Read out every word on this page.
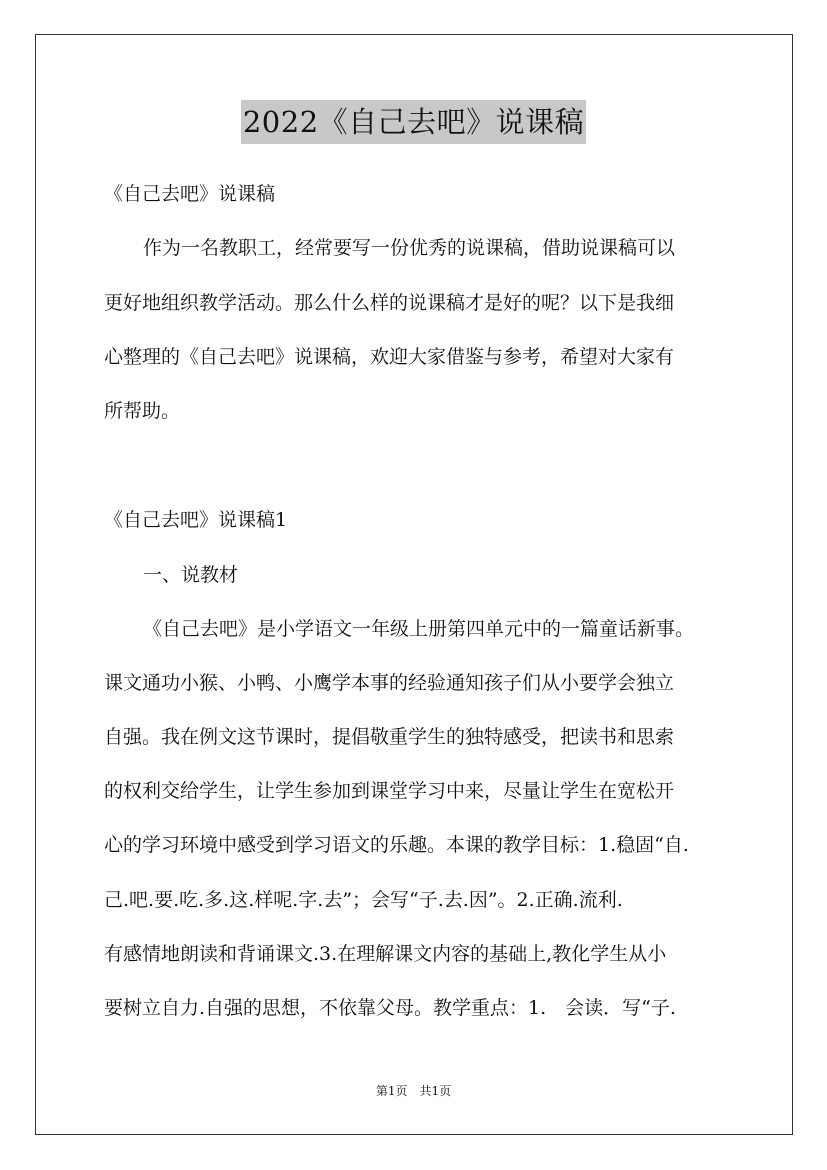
2022《自己去吧》说课稿
《自己去吧》说课稿
作为一名教职工，经常要写一份优秀的说课稿，借助说课稿可以
更好地组织教学活动。那么什么样的说课稿才是好的呢？以下是我细
心整理的《自己去吧》说课稿，欢迎大家借鉴与参考，希望对大家有
所帮助。
《自己去吧》说课稿1
一、说教材
《自己去吧》是小学语文一年级上册第四单元中的一篇童话新事。
课文通功小猴、小鸭、小鹰学本事的经验通知孩子们从小要学会独立
自强。我在例文这节课时，提倡敬重学生的独特感受，把读书和思索
的权利交给学生，让学生参加到课堂学习中来，尽量让学生在宽松开
心的学习环境中感受到学习语文的乐趣。本课的教学目标：1.稳固“自.
己.吧.要.吃.多.这.样呢.字.去”；会写“子.去.因”。2.正确.流利.
有感情地朗读和背诵课文.3.在理解课文内容的基础上,教化学生从小
要树立自力.自强的思想，不依靠父母。教学重点：1.　会读．写“子.
第1页　共1页
